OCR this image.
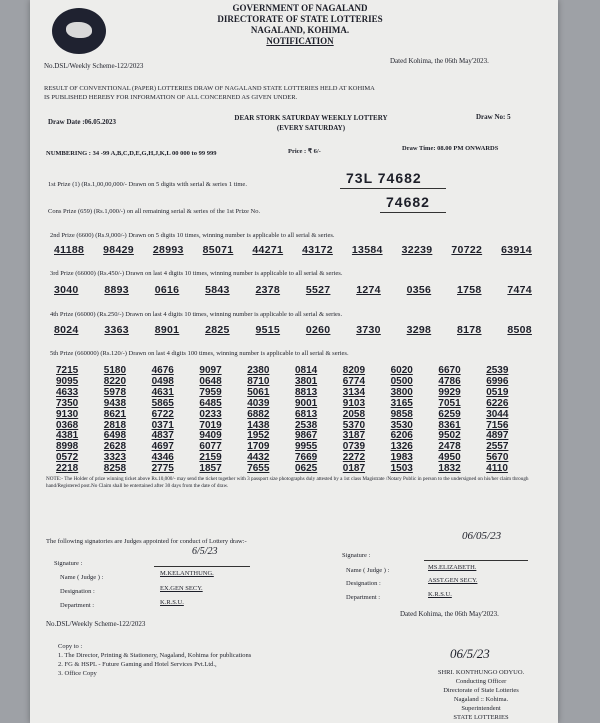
GOVERNMENT OF NAGALAND
DIRECTORATE OF STATE LOTTERIES
NAGALAND, KOHIMA.
NOTIFICATION
No.DSL/Weekly Scheme-122/2023
Dated Kohima, the 06th May'2023.
RESULT OF CONVENTIONAL (PAPER) LOTTERIES DRAW OF NAGALAND STATE LOTTERIES HELD AT KOHIMA
IS PUBLISHED HEREBY FOR INFORMATION OF ALL CONCERNED AS GIVEN UNDER.
Draw Date :06.05.2023	DEAR STORK SATURDAY WEEKLY LOTTERY
(EVERY SATURDAY)
Draw No: 5
NUMBERING : 34 -99 A,B,C,D,E,G,H,J,K,L 00 000 to 99 999	Price : ₹ 6/-	Draw Time: 08.00 PM ONWARDS
1st Prize (1) (Rs.1,00,00,000/- Drawn on 5 digits with serial & series 1 time.	73L 74682
Cons Prize (659) (Rs.1,000/-) on all remaining serial & series of the 1st Prize No.
74682
2nd Prize (6600) (Rs.9,000/-) Drawn on 5 digits 10 times, winning number is applicable to all serial & series.
41188 98429 28993 85071 44271 43172 13584 32239 70722 63914
3rd Prize (66000) (Rs.450/-) Drawn on last 4 digits 10 times, winning number is applicable to all serial & series.
3040 8893 0616 5843 2378 5527 1274 0356 1758 7474
4th Prize (66000) (Rs.250/-) Drawn on last 4 digits 10 times, winning number is applicable to all serial & series.
8024 3363 8901 2825 9515 0260 3730 3298 8178 8508
5th Prize (660000) (Rs.120/-) Drawn on last 4 digits 100 times, winning number is applicable to all serial & series.
7215	5180	4676	9097	2380	0814	8209	6020	6670	2539
9095	8220	0498	0648	8710	3801	6774	0500	4786	6996
4633	5978	4631	7959	5061	8813	3134	3800	9929	0519
7350	9438	5865	6485	4039	9001	9103	3165	7051	6226
9130	8621	6722	0233	6882	6813	2058	9858	6259	3044
0368	2818	0371	7019	1438	2538	5370	3530	8361	7156
4381	6498	4837	9409	1952	9867	3187	6206	9502	4897
8998	2628	4697	6077	1709	9955	0739	1326	2478	2557
0572	3323	4346	2159	4432	7669	2272	1983	4950	5670
2218	8258	2775	1857	7655	0625	0187	1503	1832	4110
NOTE:- The Holder of prize winning ticket above Rs.10,000/- may send the ticket together with 3 passport size photographs duly attested by a 1st class Magistrate /Notary Public in person to the undersigned on his/her claim through hand/Registered post.No Claim shall be entertained after 30 days from the date of draw.
The following signatories are Judges appointed for conduct of Lottery draw:-
Signature :
6/5/23
Name ( Judge ) :
M.KELANTHUNG.
Designation :	EX.GEN SECY.
Department :	K.R.S.U.
Signature :
06/05/23
Name ( Judge ) :	MS.ELIZABETH.
Designation :	ASST.GEN SECY.
Department :	K.R.S.U.
No.DSL/Weekly Scheme-122/2023
Dated Kohima, the 06th May'2023.
Copy to :
1. The Director, Printing & Stationery, Nagaland, Kohima for publications
2. FG & HSPL - Future Gaming and Hotel Services Pvt.Ltd.,
3. Office Copy
06/5/23
SHRI. KONTHUNGO ODYUO.
Conducting Officer
Directorate of State Lotteries
Nagaland :: Kohima.
Superintendent
STATE LOTTERIES
